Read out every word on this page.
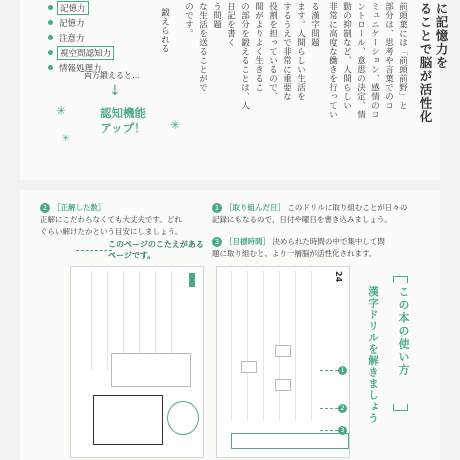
記憶力
記憶力
注意力
視空間認知力
情報処理力
両方鍛えると…
↓
認知機能
アップ！
✳
✳
✳
鍛えられる のです。 な生活を送ることがで う問題 日記を書く の部分を鍛えることは、人 間がよりよく生きるこ 役割を担っているので、 するうえで非常に重要な ます。人間らしい生活を る漢字問題 非常に高度な働きを行ってい 動の抑制など、人間らしい ントロール、意思の決定、情 ミュニケーション、感情のコ 部分は、思考や言葉でのコ 前頭葉には「前頭前野」と ることで脳が活性化 に記憶力を
2 ［正解した数］
正解にこだわらなくても大丈夫です。どれ
ぐらい解けたかという目安にしましょう。
1 ［取り組んだ日］ このドリルに取り組むことが日々の
記録にもなるので、日付や曜日を書き込みましょう。
3 ［目標時間］ 決められた時間の中で集中して問
題に取り組むと、より一層脳が活性化されます。
このページのこたえがある
ページです。
24
漢字ドリルを解きましょう この本の使い方
1
2
3
